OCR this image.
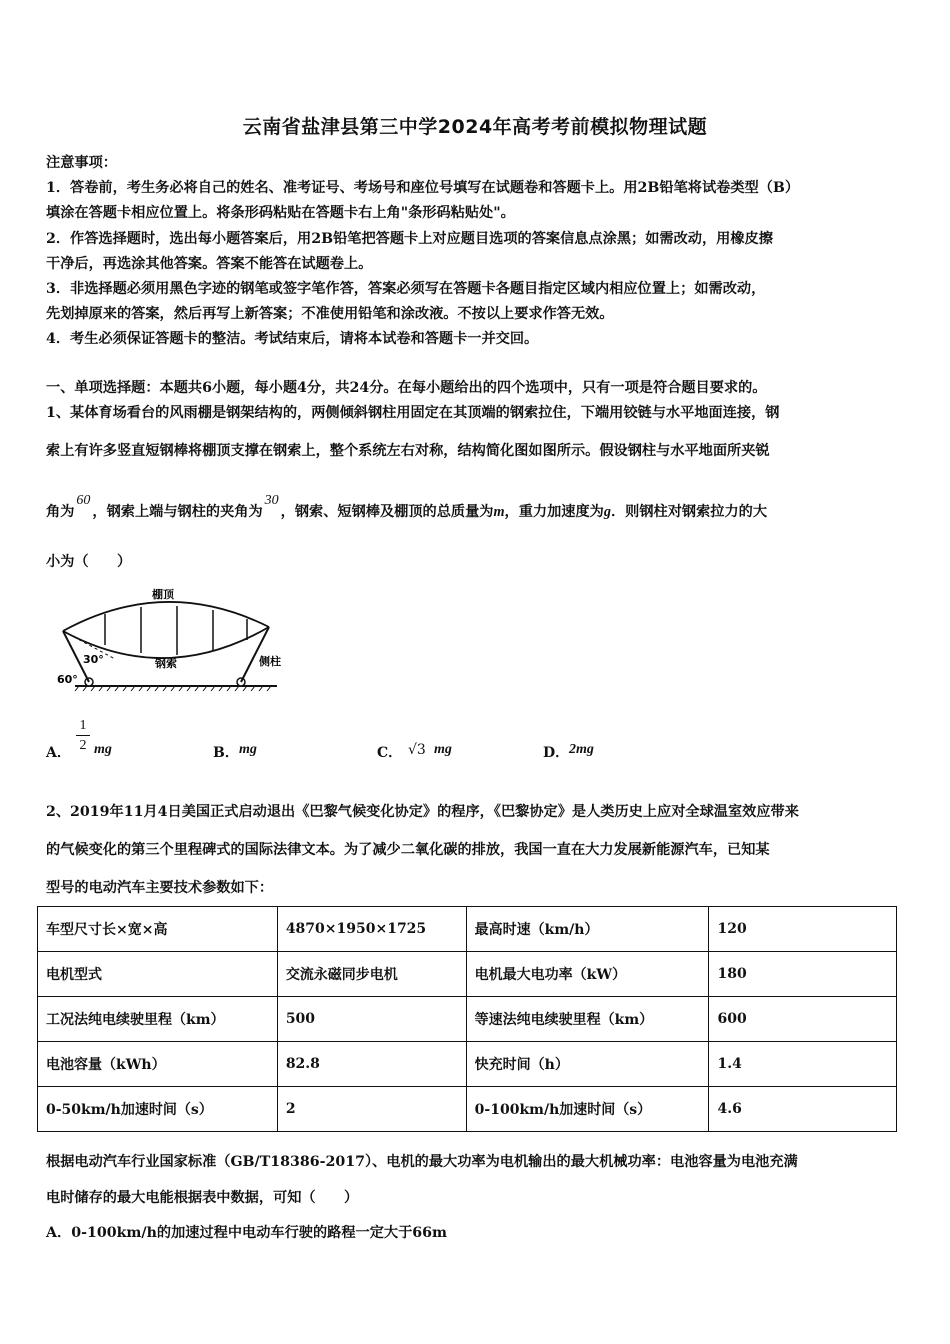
云南省盐津县第三中学2024年高考考前模拟物理试题
注意事项：
1．答卷前，考生务必将自己的姓名、准考证号、考场号和座位号填写在试题卷和答题卡上。用2B铅笔将试卷类型（B）
填涂在答题卡相应位置上。将条形码粘贴在答题卡右上角"条形码粘贴处"。
2．作答选择题时，选出每小题答案后，用2B铅笔把答题卡上对应题目选项的答案信息点涂黑；如需改动，用橡皮擦
干净后，再选涂其他答案。答案不能答在试题卷上。
3．非选择题必须用黑色字迹的钢笔或签字笔作答，答案必须写在答题卡各题目指定区域内相应位置上；如需改动，
先划掉原来的答案，然后再写上新答案；不准使用铅笔和涂改液。不按以上要求作答无效。
4．考生必须保证答题卡的整洁。考试结束后，请将本试卷和答题卡一并交回。
一、单项选择题：本题共6小题，每小题4分，共24分。在每小题给出的四个选项中，只有一项是符合题目要求的。
1、某体育场看台的风雨棚是钢架结构的，两侧倾斜钢柱用固定在其顶端的钢索拉住，下端用铰链与水平地面连接，钢
索上有许多竖直短钢棒将棚顶支撑在钢索上，整个系统左右对称，结构简化图如图所示。假设钢柱与水平地面所夹锐
角为60，钢索上端与钢柱的夹角为30，钢索、短钢棒及棚顶的总质量为m，重力加速度为g．则钢柱对钢索拉力的大
小为（　　）
棚顶
钢索	侧柱
30°
60°
A．
1
2 mg	B． mg	C． √3 mg	D． 2mg
2、2019年11月4日美国正式启动退出《巴黎气候变化协定》的程序，《巴黎协定》是人类历史上应对全球温室效应带来
的气候变化的第三个里程碑式的国际法律文本。为了减少二氧化碳的排放，我国一直在大力发展新能源汽车，已知某
型号的电动汽车主要技术参数如下：
车型尺寸长×宽×高	4870×1950×1725	最高时速（km/h）	120
电机型式	交流永磁同步电机	电机最大电功率（kW）	180
工况法纯电续驶里程（km）	500	等速法纯电续驶里程（km）	600
电池容量（kWh）	82.8	快充时间（h）	1.4
0-50km/h加速时间（s）	2	0-100km/h加速时间（s）	4.6
根据电动汽车行业国家标准（GB/T18386-2017）、电机的最大功率为电机输出的最大机械功率：电池容量为电池充满
电时储存的最大电能根据表中数据，可知（　　）
A．0-100km/h的加速过程中电动车行驶的路程一定大于66m
